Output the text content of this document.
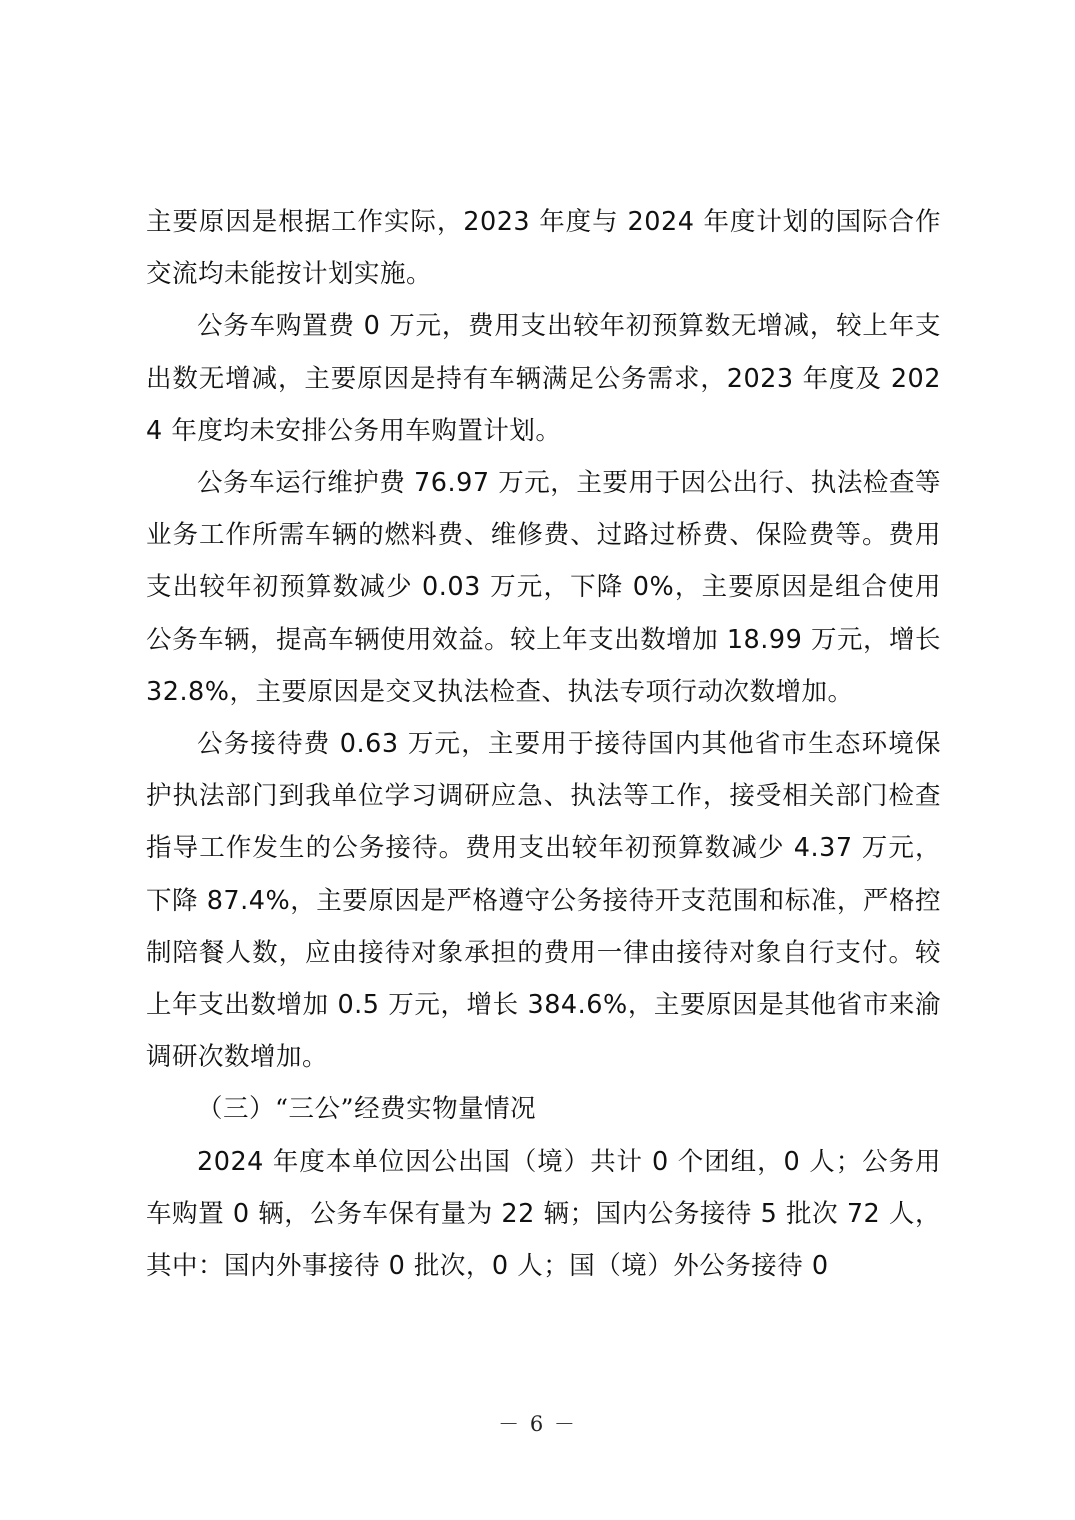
主要原因是根据工作实际，2023 年度与 2024 年度计划的国际合作交流均未能按计划实施。

公务车购置费 0 万元，费用支出较年初预算数无增减，较上年支出数无增减，主要原因是持有车辆满足公务需求，2023 年度及 2024 年度均未安排公务用车购置计划。

公务车运行维护费 76.97 万元，主要用于因公出行、执法检查等业务工作所需车辆的燃料费、维修费、过路过桥费、保险费等。费用支出较年初预算数减少 0.03 万元，下降 0%，主要原因是组合使用公务车辆，提高车辆使用效益。较上年支出数增加 18.99 万元，增长 32.8%，主要原因是交叉执法检查、执法专项行动次数增加。

公务接待费 0.63 万元，主要用于接待国内其他省市生态环境保护执法部门到我单位学习调研应急、执法等工作，接受相关部门检查指导工作发生的公务接待。费用支出较年初预算数减少 4.37 万元，下降 87.4%，主要原因是严格遵守公务接待开支范围和标准，严格控制陪餐人数，应由接待对象承担的费用一律由接待对象自行支付。较上年支出数增加 0.5 万元，增长 384.6%，主要原因是其他省市来渝调研次数增加。

（三）“三公”经费实物量情况

2024 年度本单位因公出国（境）共计 0 个团组，0 人；公务用车购置 0 辆，公务车保有量为 22 辆；国内公务接待 5 批次 72 人，其中：国内外事接待 0 批次，0 人；国（境）外公务接待 0

－ 6 －
